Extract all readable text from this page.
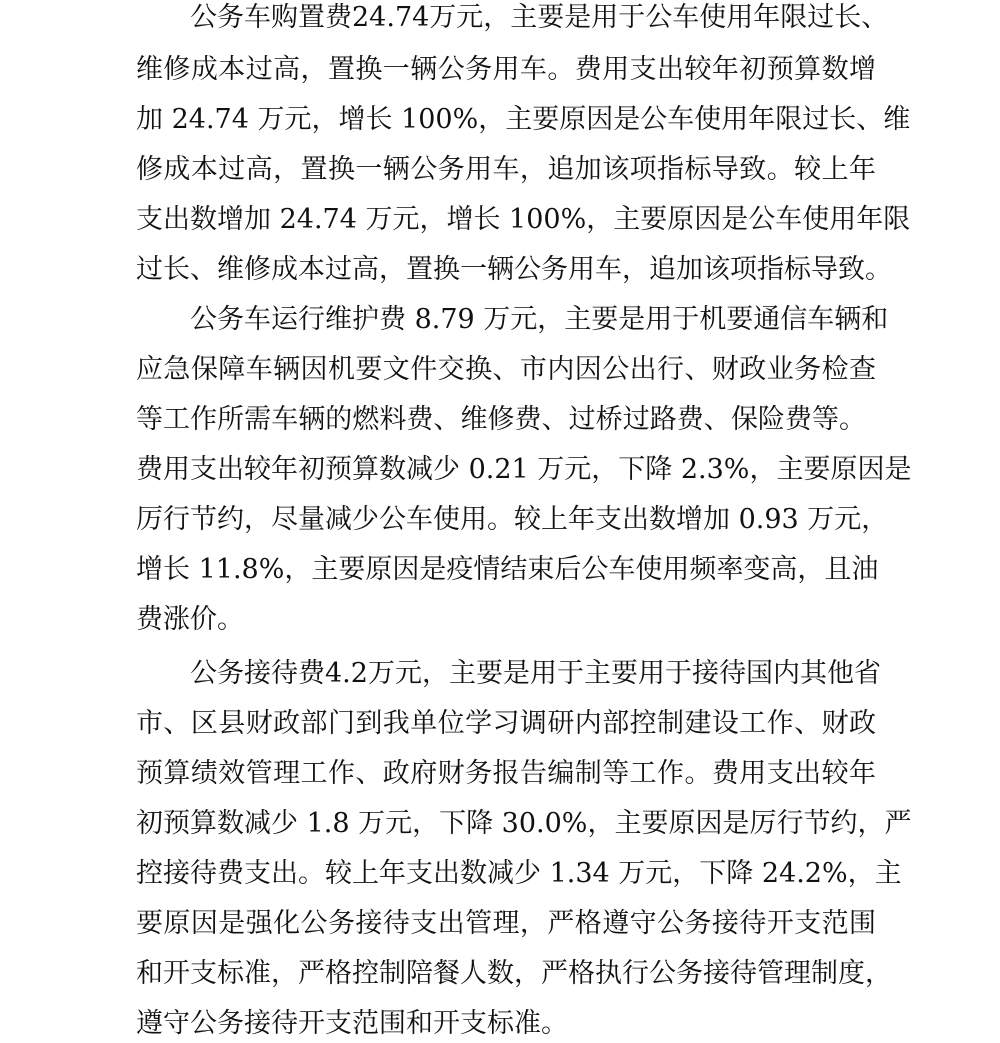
公务车购置费24.74万元，主要是用于公车使用年限过长、

维修成本过高，置换一辆公务用车。费用支出较年初预算数增

加 24.74 万元，增长 100%，主要原因是公车使用年限过长、维

修成本过高，置换一辆公务用车，追加该项指标导致。较上年

支出数增加 24.74 万元，增长 100%，主要原因是公车使用年限

过长、维修成本过高，置换一辆公务用车，追加该项指标导致。

公务车运行维护费 8.79 万元，主要是用于机要通信车辆和

应急保障车辆因机要文件交换、市内因公出行、财政业务检查

等工作所需车辆的燃料费、维修费、过桥过路费、保险费等。

费用支出较年初预算数减少 0.21 万元，下降 2.3%，主要原因是

厉行节约，尽量减少公车使用。较上年支出数增加 0.93 万元，

增长 11.8%，主要原因是疫情结束后公车使用频率变高，且油

费涨价。

公务接待费4.2万元，主要是用于主要用于接待国内其他省

市、区县财政部门到我单位学习调研内部控制建设工作、财政

预算绩效管理工作、政府财务报告编制等工作。费用支出较年

初预算数减少 1.8 万元，下降 30.0%，主要原因是厉行节约，严

控接待费支出。较上年支出数减少 1.34 万元，下降 24.2%，主

要原因是强化公务接待支出管理，严格遵守公务接待开支范围

和开支标准，严格控制陪餐人数，严格执行公务接待管理制度，

遵守公务接待开支范围和开支标准。
